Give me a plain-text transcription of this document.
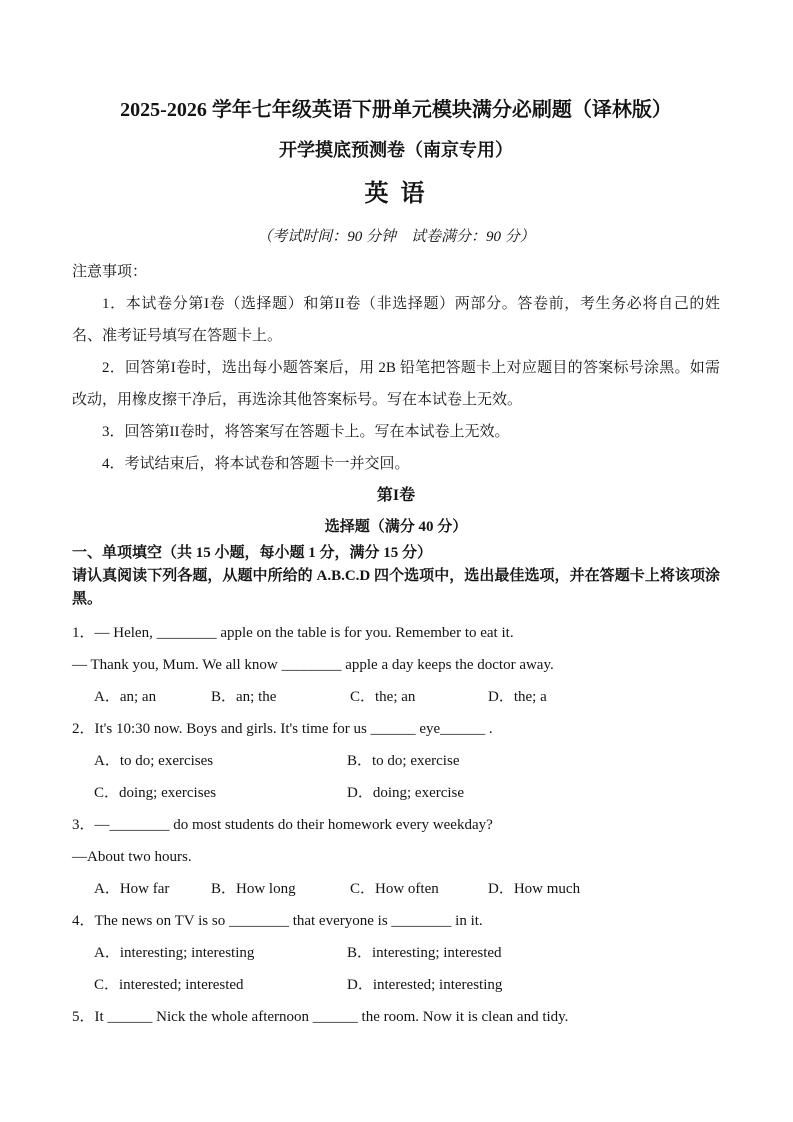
2025-2026 学年七年级英语下册单元模块满分必刷题（译林版）
开学摸底预测卷（南京专用）
英 语
（考试时间：90 分钟　试卷满分：90 分）

注意事项：

1．本试卷分第I卷（选择题）和第II卷（非选择题）两部分。答卷前，考生务必将自己的姓名、准考证号填写在答题卡上。

2．回答第I卷时，选出每小题答案后，用 2B 铅笔把答题卡上对应题目的答案标号涂黑。如需改动，用橡皮擦干净后，再选涂其他答案标号。写在本试卷上无效。

3．回答第II卷时，将答案写在答题卡上。写在本试卷上无效。

4．考试结束后，将本试卷和答题卡一并交回。

第I卷
选择题（满分 40 分）

一、单项填空（共 15 小题，每小题 1 分，满分 15 分）

请认真阅读下列各题，从题中所给的 A.B.C.D 四个选项中，选出最佳选项，并在答题卡上将该项涂黑。

1．— Helen, ________ apple on the table is for you. Remember to eat it.

— Thank you, Mum. We all know ________ apple a day keeps the doctor away.

A．an; an	B．an; the	C．the; an	D．the; a

2．It's 10:30 now. Boys and girls. It's time for us ______ eye______ .

A．to do; exercises	B．to do; exercise
C．doing; exercises	D．doing; exercise

3．—________ do most students do their homework every weekday?

—About two hours.

A．How far	B．How long	C．How often	D．How much

4．The news on TV is so ________ that everyone is ________ in it.

A．interesting; interesting	B．interesting; interested
C．interested; interested	D．interested; interesting

5．It ______ Nick the whole afternoon ______ the room. Now it is clean and tidy.
